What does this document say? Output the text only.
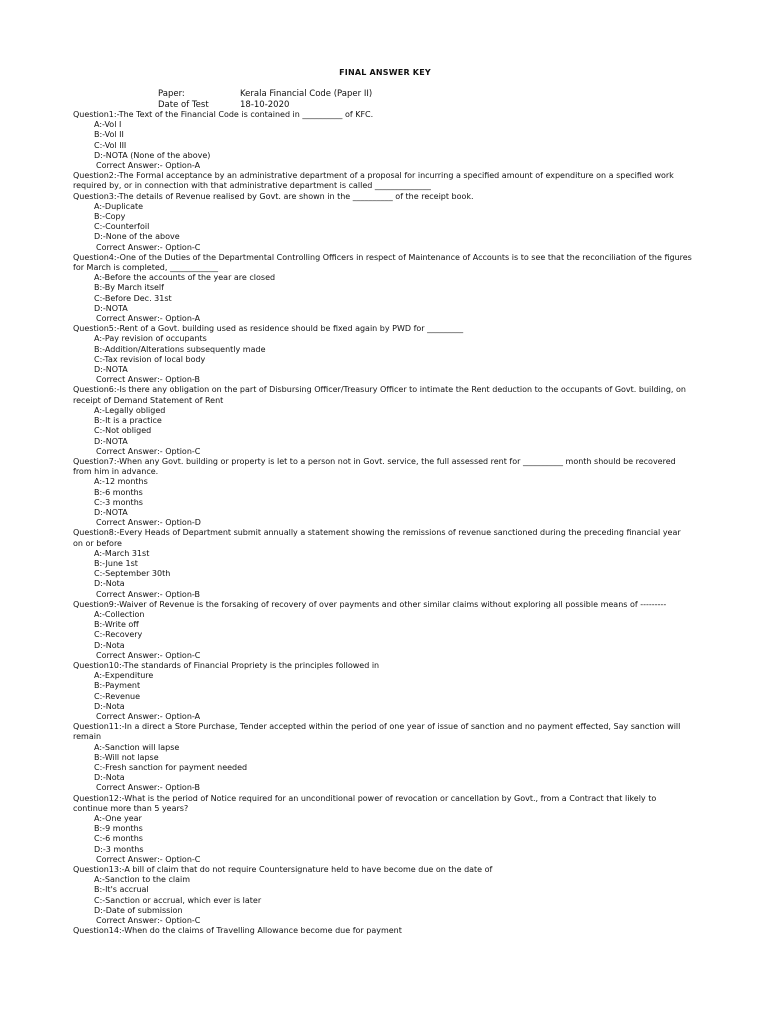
FINAL ANSWER KEY
Paper:	Kerala Financial Code (Paper II)
Date of Test	18-10-2020
Question1:-The Text of the Financial Code is contained in __________ of KFC.
A:-Vol I
B:-Vol II
C:-Vol III
D:-NOTA (None of the above)
Correct Answer:- Option-A
Question2:-The Formal acceptance by an administrative department of a proposal for incurring a specified amount of expenditure on a specified work required by, or in connection with that administrative department is called ______________
Question3:-The details of Revenue realised by Govt. are shown in the __________ of the receipt book.
A:-Duplicate
B:-Copy
C:-Counterfoil
D:-None of the above
Correct Answer:- Option-C
Question4:-One of the Duties of the Departmental Controlling Officers in respect of Maintenance of Accounts is to see that the reconciliation of the figures for March is completed, ____________
A:-Before the accounts of the year are closed
B:-By March itself
C:-Before Dec. 31st
D:-NOTA
Correct Answer:- Option-A
Question5:-Rent of a Govt. building used as residence should be fixed again by PWD for _________
A:-Pay revision of occupants
B:-Addition/Alterations subsequently made
C:-Tax revision of local body
D:-NOTA
Correct Answer:- Option-B
Question6:-Is there any obligation on the part of Disbursing Officer/Treasury Officer to intimate the Rent deduction to the occupants of Govt. building, on receipt of Demand Statement of Rent
A:-Legally obliged
B:-It is a practice
C:-Not obliged
D:-NOTA
Correct Answer:- Option-C
Question7:-When any Govt. building or property is let to a person not in Govt. service, the full assessed rent for __________ month should be recovered from him in advance.
A:-12 months
B:-6 months
C:-3 months
D:-NOTA
Correct Answer:- Option-D
Question8:-Every Heads of Department submit annually a statement showing the remissions of revenue sanctioned during the preceding financial year on or before
A:-March 31st
B:-June 1st
C:-September 30th
D:-Nota
Correct Answer:- Option-B
Question9:-Waiver of Revenue is the forsaking of recovery of over payments and other similar claims without exploring all possible means of ---------
A:-Collection
B:-Write off
C:-Recovery
D:-Nota
Correct Answer:- Option-C
Question10:-The standards of Financial Propriety is the principles followed in
A:-Expenditure
B:-Payment
C:-Revenue
D:-Nota
Correct Answer:- Option-A
Question11:-In a direct a Store Purchase, Tender accepted within the period of one year of issue of sanction and no payment effected, Say sanction will remain
A:-Sanction will lapse
B:-Will not lapse
C:-Fresh sanction for payment needed
D:-Nota
Correct Answer:- Option-B
Question12:-What is the period of Notice required for an unconditional power of revocation or cancellation by Govt., from a Contract that likely to continue more than 5 years?
A:-One year
B:-9 months
C:-6 months
D:-3 months
Correct Answer:- Option-C
Question13:-A bill of claim that do not require Countersignature held to have become due on the date of
A:-Sanction to the claim
B:-It's accrual
C:-Sanction or accrual, which ever is later
D:-Date of submission
Correct Answer:- Option-C
Question14:-When do the claims of Travelling Allowance become due for payment
